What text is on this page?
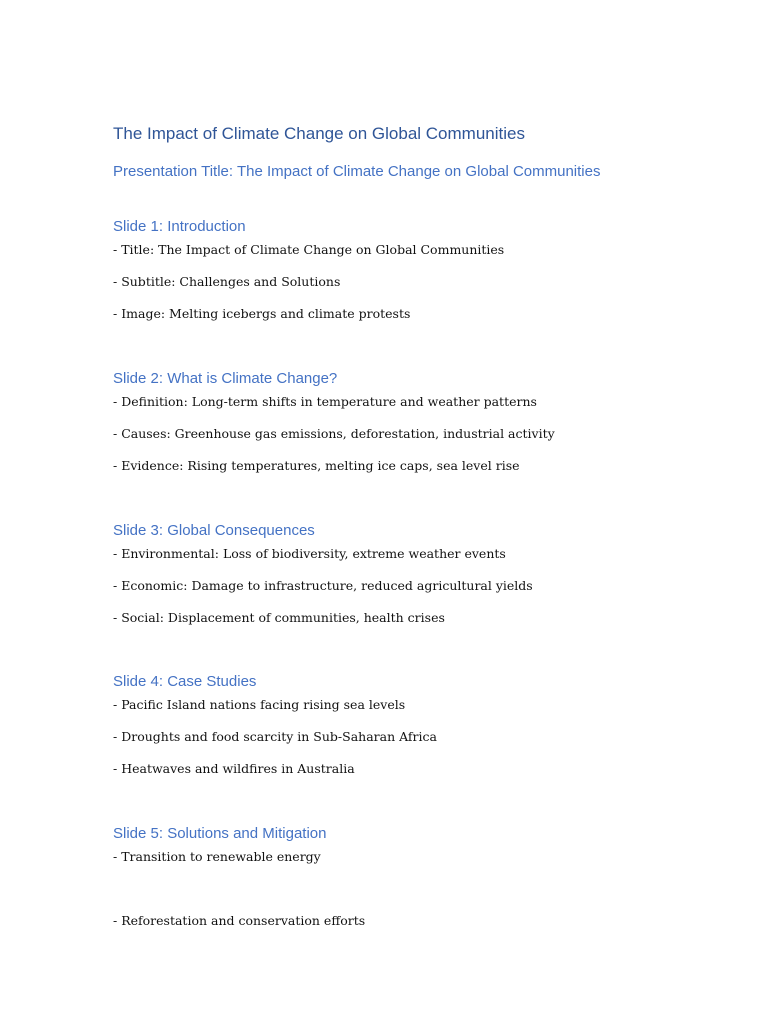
The Impact of Climate Change on Global Communities
Presentation Title: The Impact of Climate Change on Global Communities
Slide 1: Introduction

- Title: The Impact of Climate Change on Global Communities

- Subtitle: Challenges and Solutions

- Image: Melting icebergs and climate protests

Slide 2: What is Climate Change?

- Definition: Long-term shifts in temperature and weather patterns

- Causes: Greenhouse gas emissions, deforestation, industrial activity

- Evidence: Rising temperatures, melting ice caps, sea level rise

Slide 3: Global Consequences

- Environmental: Loss of biodiversity, extreme weather events

- Economic: Damage to infrastructure, reduced agricultural yields

- Social: Displacement of communities, health crises

Slide 4: Case Studies

- Pacific Island nations facing rising sea levels

- Droughts and food scarcity in Sub-Saharan Africa

- Heatwaves and wildfires in Australia

Slide 5: Solutions and Mitigation

- Transition to renewable energy

- Reforestation and conservation efforts
